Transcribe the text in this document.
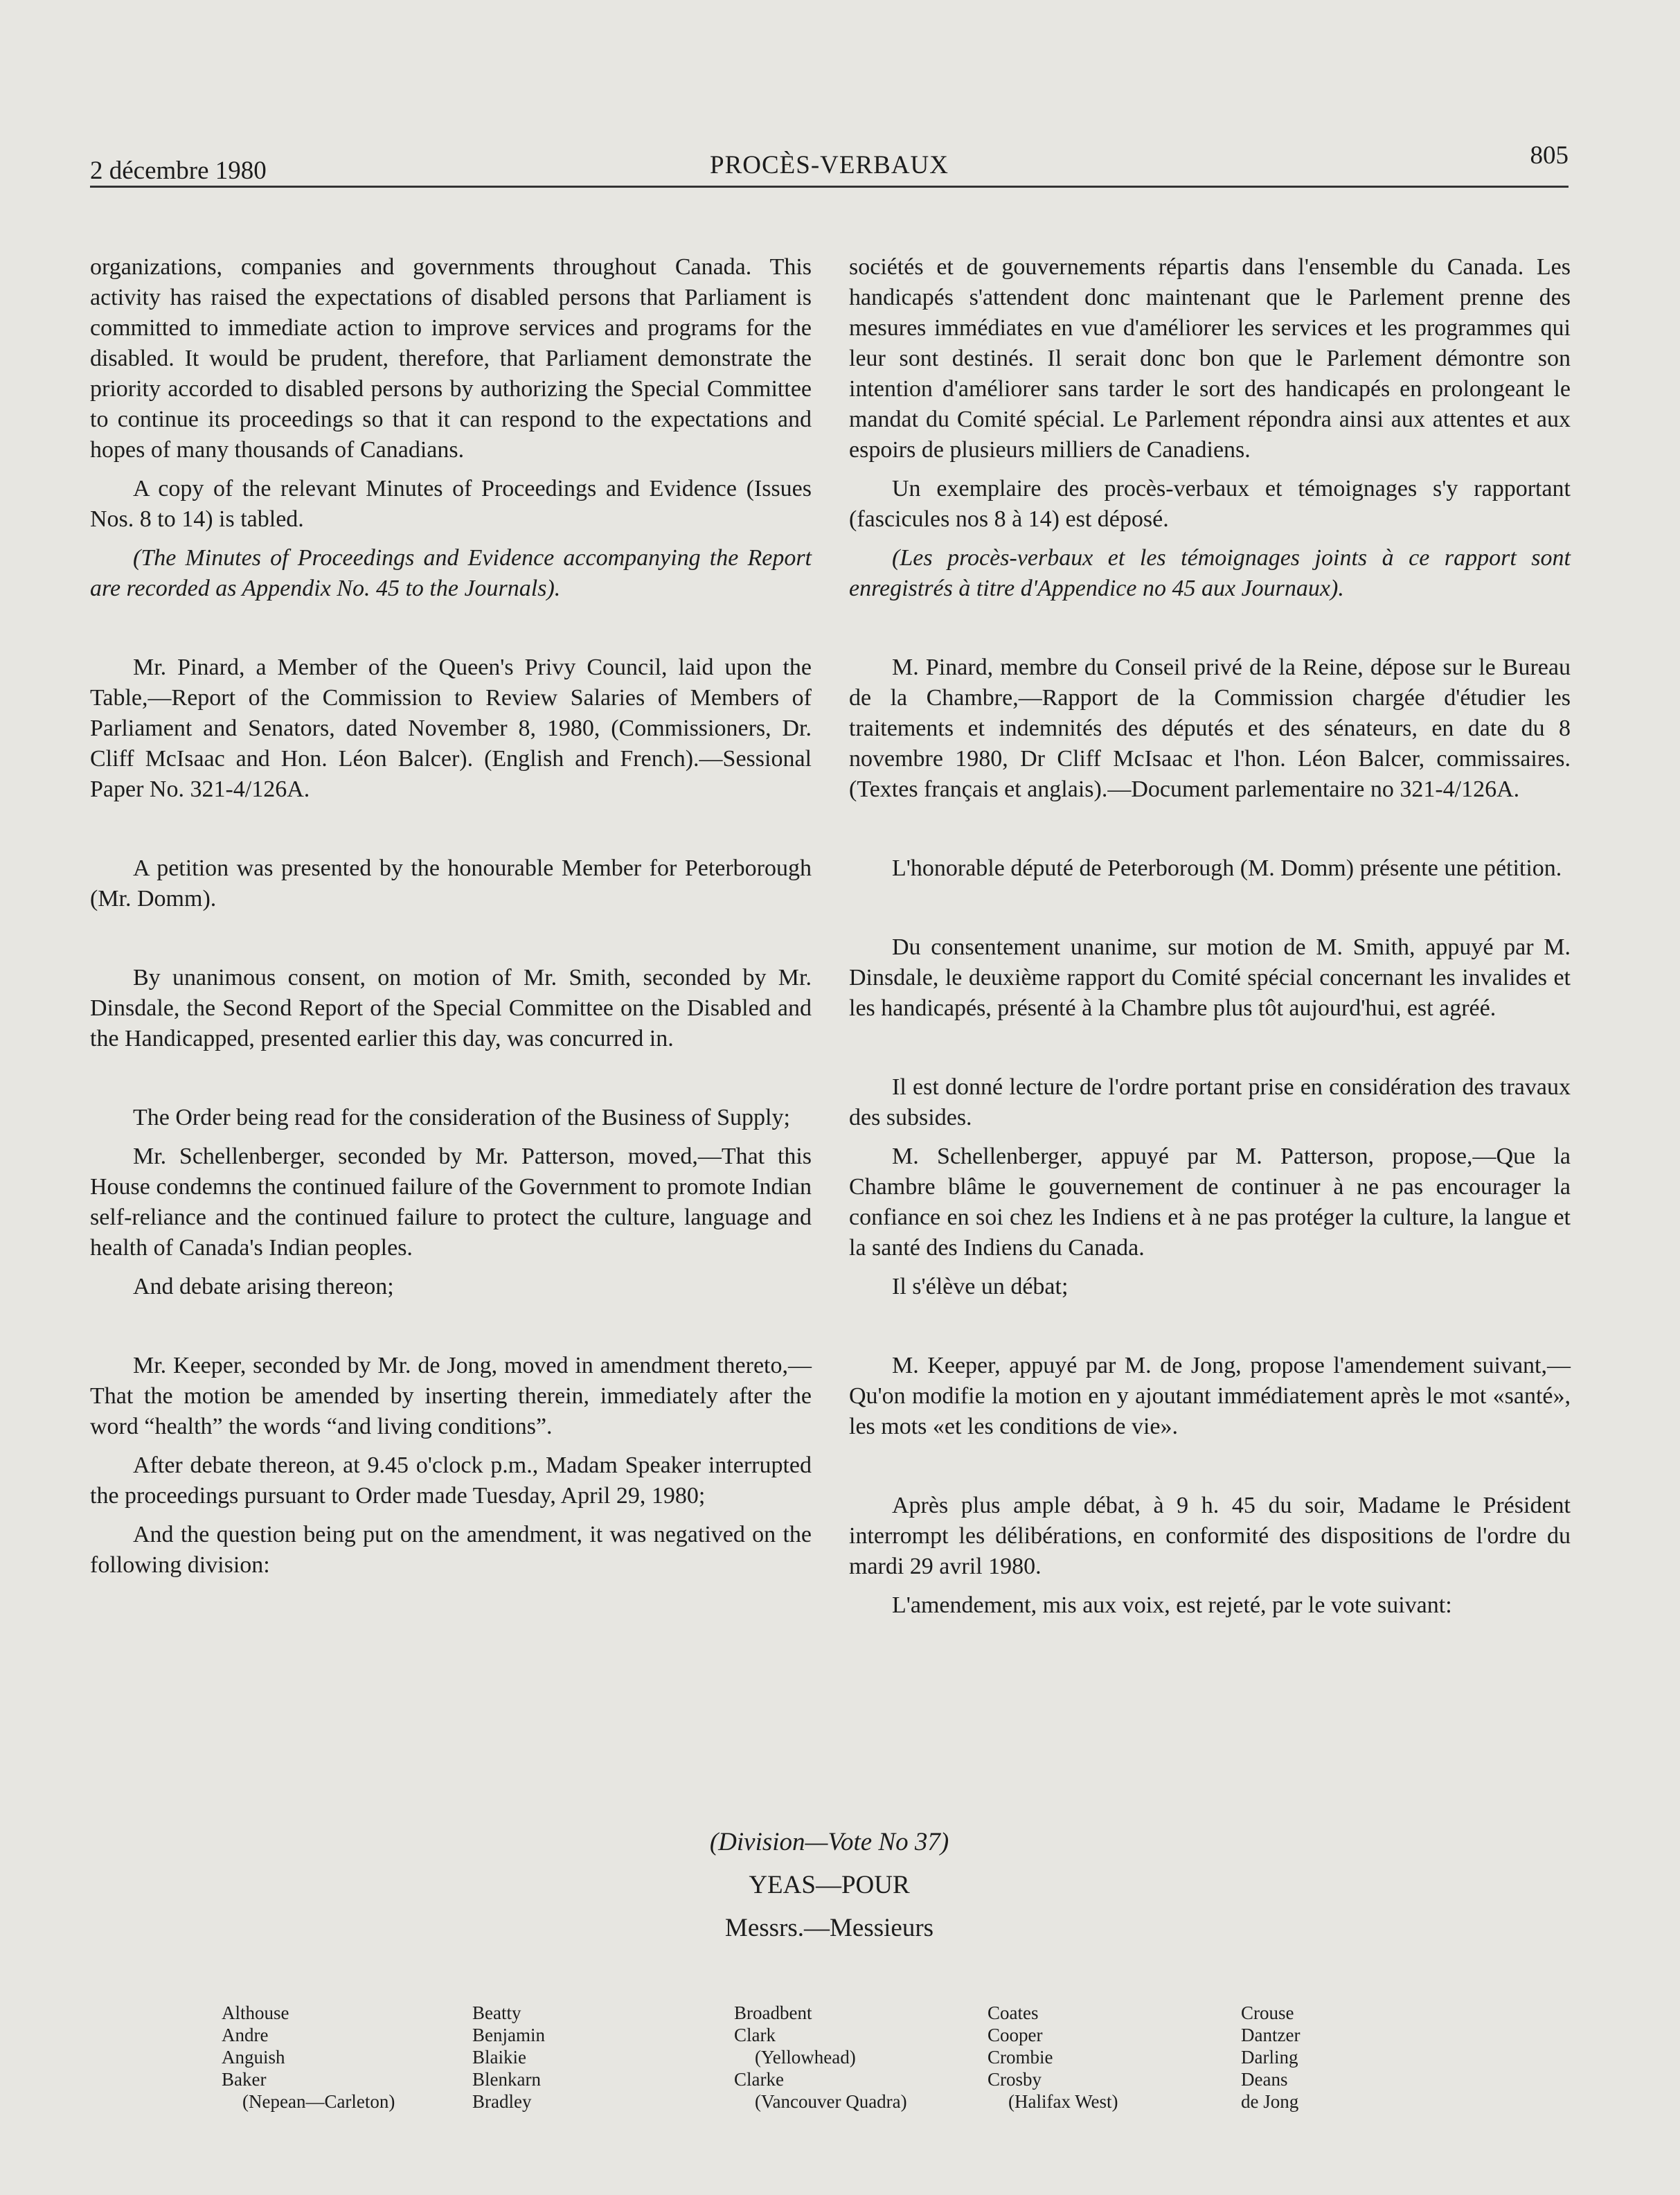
2 décembre 1980	PROCÈS-VERBAUX	805

organizations, companies and governments throughout Canada. This activity has raised the expectations of disabled persons that Parliament is committed to immediate action to improve services and programs for the disabled. It would be prudent, therefore, that Parliament demonstrate the priority accorded to disabled persons by authorizing the Special Committee to continue its proceedings so that it can respond to the expectations and hopes of many thousands of Canadians.

A copy of the relevant Minutes of Proceedings and Evidence (Issues Nos. 8 to 14) is tabled.

(The Minutes of Proceedings and Evidence accompanying the Report are recorded as Appendix No. 45 to the Journals).

Mr. Pinard, a Member of the Queen's Privy Council, laid upon the Table,—Report of the Commission to Review Salaries of Members of Parliament and Senators, dated November 8, 1980, (Commissioners, Dr. Cliff McIsaac and Hon. Léon Balcer). (English and French).—Sessional Paper No. 321-4/126A.

A petition was presented by the honourable Member for Peterborough (Mr. Domm).

By unanimous consent, on motion of Mr. Smith, seconded by Mr. Dinsdale, the Second Report of the Special Committee on the Disabled and the Handicapped, presented earlier this day, was concurred in.

The Order being read for the consideration of the Business of Supply;

Mr. Schellenberger, seconded by Mr. Patterson, moved,—That this House condemns the continued failure of the Government to promote Indian self-reliance and the continued failure to protect the culture, language and health of Canada's Indian peoples.

And debate arising thereon;

Mr. Keeper, seconded by Mr. de Jong, moved in amendment thereto,—That the motion be amended by inserting therein, immediately after the word “health” the words “and living conditions”.

After debate thereon, at 9.45 o'clock p.m., Madam Speaker interrupted the proceedings pursuant to Order made Tuesday, April 29, 1980;

And the question being put on the amendment, it was negatived on the following division:

sociétés et de gouvernements répartis dans l'ensemble du Canada. Les handicapés s'attendent donc maintenant que le Parlement prenne des mesures immédiates en vue d'améliorer les services et les programmes qui leur sont destinés. Il serait donc bon que le Parlement démontre son intention d'améliorer sans tarder le sort des handicapés en prolongeant le mandat du Comité spécial. Le Parlement répondra ainsi aux attentes et aux espoirs de plusieurs milliers de Canadiens.

Un exemplaire des procès-verbaux et témoignages s'y rapportant (fascicules nos 8 à 14) est déposé.

(Les procès-verbaux et les témoignages joints à ce rapport sont enregistrés à titre d'Appendice no 45 aux Journaux).

M. Pinard, membre du Conseil privé de la Reine, dépose sur le Bureau de la Chambre,—Rapport de la Commission chargée d'étudier les traitements et indemnités des députés et des sénateurs, en date du 8 novembre 1980, Dr Cliff McIsaac et l'hon. Léon Balcer, commissaires. (Textes français et anglais).—Document parlementaire no 321-4/126A.

L'honorable député de Peterborough (M. Domm) présente une pétition.

Du consentement unanime, sur motion de M. Smith, appuyé par M. Dinsdale, le deuxième rapport du Comité spécial concernant les invalides et les handicapés, présenté à la Chambre plus tôt aujourd'hui, est agréé.

Il est donné lecture de l'ordre portant prise en considération des travaux des subsides.

M. Schellenberger, appuyé par M. Patterson, propose,—Que la Chambre blâme le gouvernement de continuer à ne pas encourager la confiance en soi chez les Indiens et à ne pas protéger la culture, la langue et la santé des Indiens du Canada.

Il s'élève un débat;

M. Keeper, appuyé par M. de Jong, propose l'amendement suivant,—Qu'on modifie la motion en y ajoutant immédiatement après le mot «santé», les mots «et les conditions de vie».

Après plus ample débat, à 9 h. 45 du soir, Madame le Président interrompt les délibérations, en conformité des dispositions de l'ordre du mardi 29 avril 1980.

L'amendement, mis aux voix, est rejeté, par le vote suivant:

(Division—Vote No 37)
YEAS—POUR
Messrs.—Messieurs
Althouse
Andre
Anguish
Baker
(Nepean—Carleton)
Beatty
Benjamin
Blaikie
Blenkarn
Bradley
Broadbent
Clark
(Yellowhead)
Clarke
(Vancouver Quadra)
Coates
Cooper
Crombie
Crosby
(Halifax West)
Crouse
Dantzer
Darling
Deans
de Jong
